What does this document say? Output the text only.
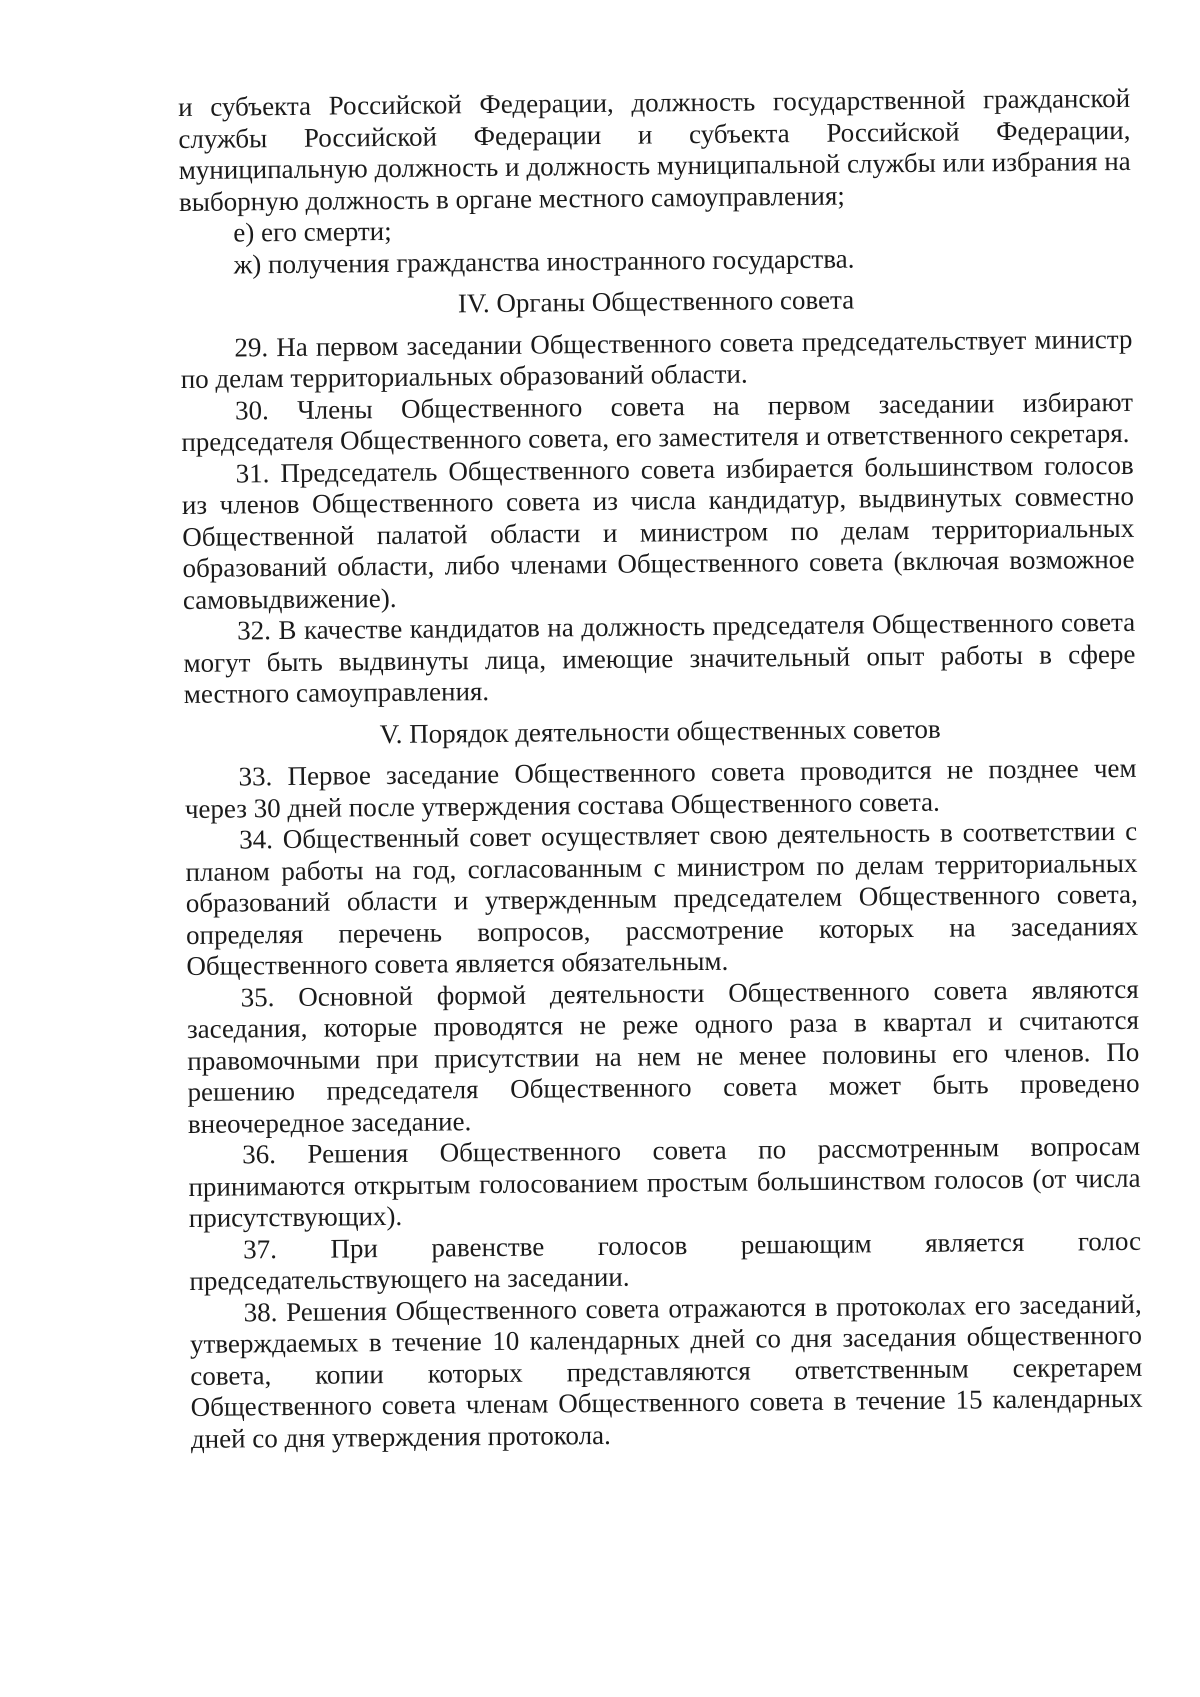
и субъекта Российской Федерации, должность государственной гражданской службы Российской Федерации и субъекта Российской Федерации, муниципальную должность и должность муниципальной службы или избрания на выборную должность в органе местного самоуправления;

е) его смерти;

ж) получения гражданства иностранного государства.

IV. Органы Общественного совета

29. На первом заседании Общественного совета председательствует министр по делам территориальных образований области.

30. Члены Общественного совета на первом заседании избирают председателя Общественного совета, его заместителя и ответственного секретаря.

31. Председатель Общественного совета избирается большинством голосов из членов Общественного совета из числа кандидатур, выдвинутых совместно Общественной палатой области и министром по делам территориальных образований области, либо членами Общественного совета (включая возможное самовыдвижение).

32. В качестве кандидатов на должность председателя Общественного совета могут быть выдвинуты лица, имеющие значительный опыт работы в сфере местного самоуправления.

V. Порядок деятельности общественных советов

33. Первое заседание Общественного совета проводится не позднее чем через 30 дней после утверждения состава Общественного совета.

34. Общественный совет осуществляет свою деятельность в соответствии с планом работы на год, согласованным с министром по делам территориальных образований области и утвержденным председателем Общественного совета, определяя перечень вопросов, рассмотрение которых на заседаниях Общественного совета является обязательным.

35. Основной формой деятельности Общественного совета являются заседания, которые проводятся не реже одного раза в квартал и считаются правомочными при присутствии на нем не менее половины его членов. По решению председателя Общественного совета может быть проведено внеочередное заседание.

36. Решения Общественного совета по рассмотренным вопросам принимаются открытым голосованием простым большинством голосов (от числа присутствующих).

37. При равенстве голосов решающим является голос председательствующего на заседании.

38. Решения Общественного совета отражаются в протоколах его заседаний, утверждаемых в течение 10 календарных дней со дня заседания общественного совета, копии которых представляются ответственным секретарем Общественного совета членам Общественного совета в течение 15 календарных дней со дня утверждения протокола.
